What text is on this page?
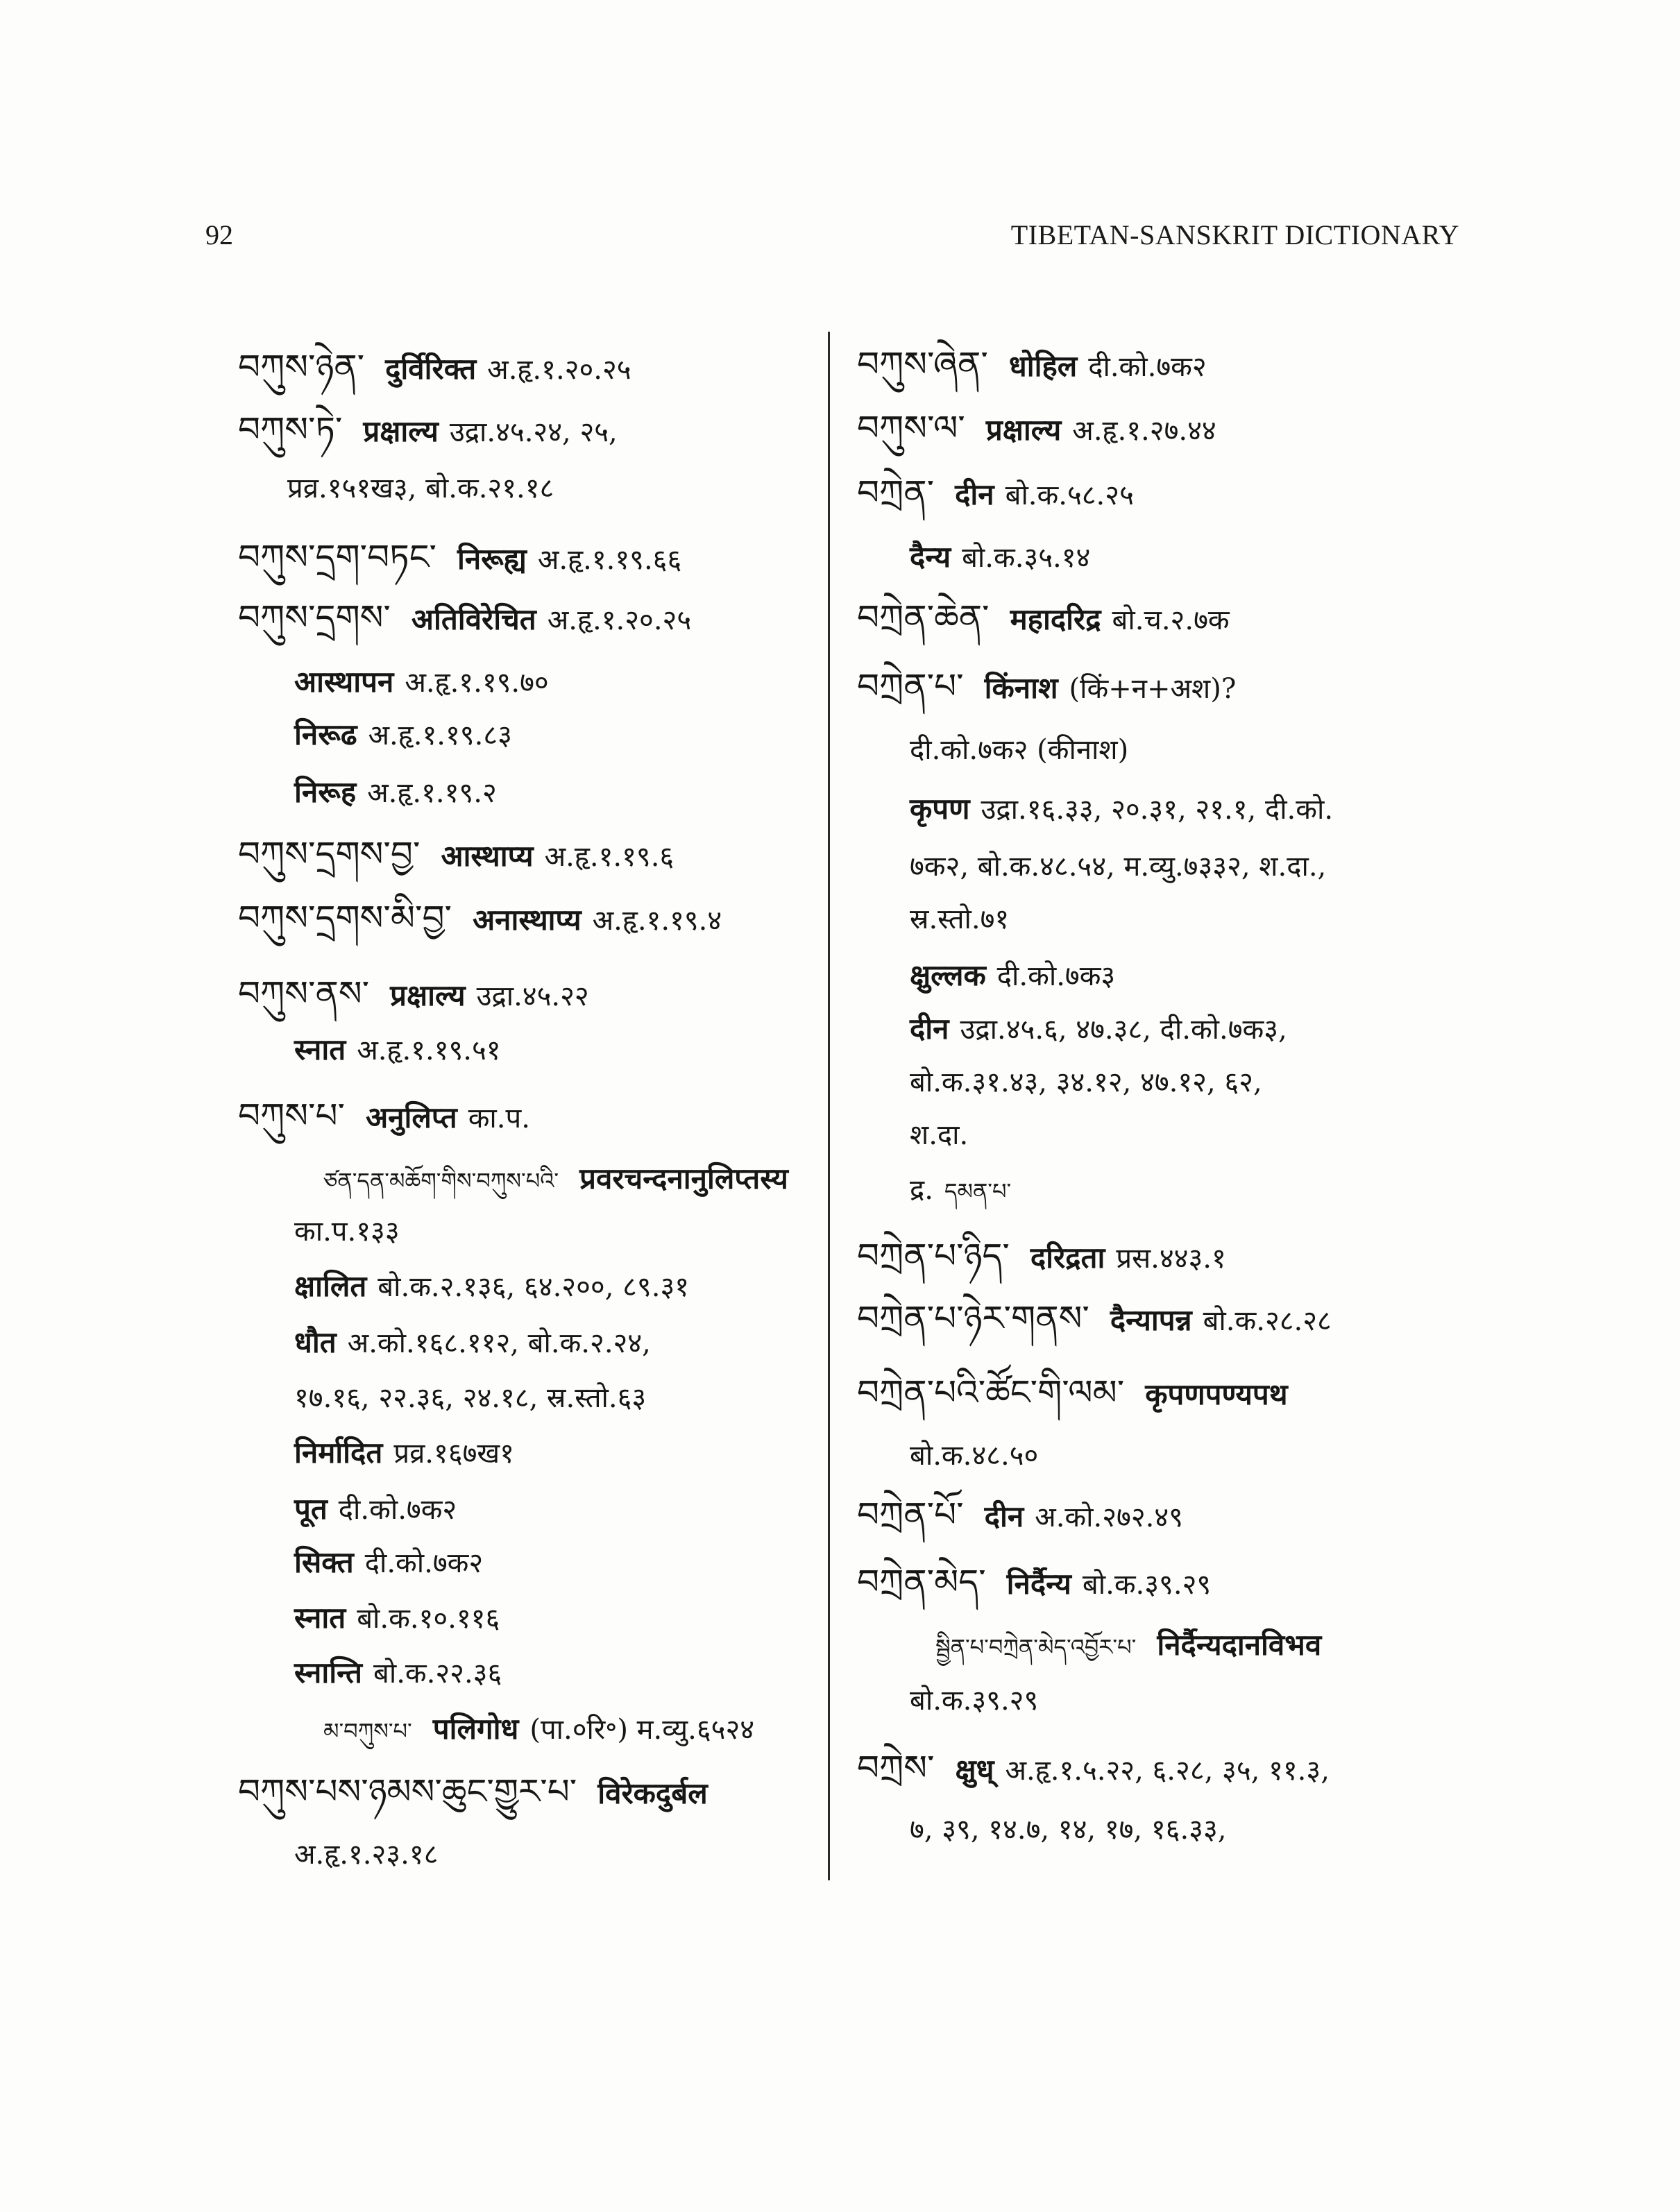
92	TIBETAN-SANSKRIT DICTIONARY
བཀུས་ཉེན་ दुर्विरिक्त अ.हृ.१.२०.२५
བཀུས་ཏེ་ प्रक्षाल्य उद्रा.४५.२४, २५,
प्रव्र.१५१ख३, बो.क.२१.१८
བཀུས་དྲག་བཏང་ निरूह्य अ.हृ.१.१९.६६
བཀུས་དྲགས་ अतिविरेचित अ.हृ.१.२०.२५
आस्थापन अ.हृ.१.१९.७०
निरूढ अ.हृ.१.१९.८३
निरूह अ.हृ.१.१९.२
བཀུས་དྲགས་བྱ་ आस्थाप्य अ.हृ.१.१९.६
བཀུས་དྲགས་མི་བྱ་ अनास्थाप्य अ.हृ.१.१९.४
བཀུས་ནས་ प्रक्षाल्य उद्रा.४५.२२
स्नात अ.हृ.१.१९.५१
བཀུས་པ་ अनुलिप्त का.प.
ཙན་དན་མཆོག་གིས་བཀུས་པའི་ प्रवरचन्दनानुलिप्तस्य
का.प.१३३
क्षालित बो.क.२.१३६, ६४.२००, ८९.३१
धौत अ.को.१६८.११२, बो.क.२.२४,
१७.१६, २२.३६, २४.१८, स्र.स्तो.६३
निर्मादित प्रव्र.१६७ख१
पूत दी.को.७क२
सिक्त दी.को.७क२
स्नात बो.क.१०.११६
स्नान्ति बो.क.२२.३६
མ་བཀུས་པ་ पलिगोध (पा.०रि॰) म.व्यु.६५२४
བཀུས་པས་ཉམས་ཆུང་གྱུར་པ་ विरेकदुर्बल
अ.हृ.१.२३.१८
བཀུས་ཞེན་ धोहिल दी.को.७क२
བཀུས་ལ་ प्रक्षाल्य अ.हृ.१.२७.४४
བཀྲེན་ दीन बो.क.५८.२५
दैन्य बो.क.३५.१४
བཀྲེན་ཆེན་ महादरिद्र बो.च.२.७क
བཀྲེན་པ་ किंनाश (किं+न+अश)?
दी.को.७क२ (कीनाश)
कृपण उद्रा.१६.३३, २०.३१, २१.१, दी.को.
७क२, बो.क.४८.५४, म.व्यु.७३३२, श.दा.,
स्र.स्तो.७१
क्षुल्लक दी.को.७क३
दीन उद्रा.४५.६, ४७.३८, दी.को.७क३,
बो.क.३१.४३, ३४.१२, ४७.१२, ६२,
श.दा.
द्र. དམན་པ་
བཀྲེན་པ་ཉིད་ दरिद्रता प्रस.४४३.१
བཀྲེན་པ་ཉེར་གནས་ दैन्यापन्न बो.क.२८.२८
བཀྲེན་པའི་ཚོང་གི་ལམ་ कृपणपण्यपथ
बो.क.४८.५०
བཀྲེན་པོ་ दीन अ.को.२७२.४९
བཀྲེན་མེད་ निर्दैन्य बो.क.३९.२९
སྦྱིན་པ་བཀྲེན་མེད་འབྱོར་པ་ निर्दैन्यदानविभव
बो.क.३९.२९
བཀྲེས་ क्षुध् अ.हृ.१.५.२२, ६.२८, ३५, ११.३,
७, ३९, १४.७, १४, १७, १६.३३,
